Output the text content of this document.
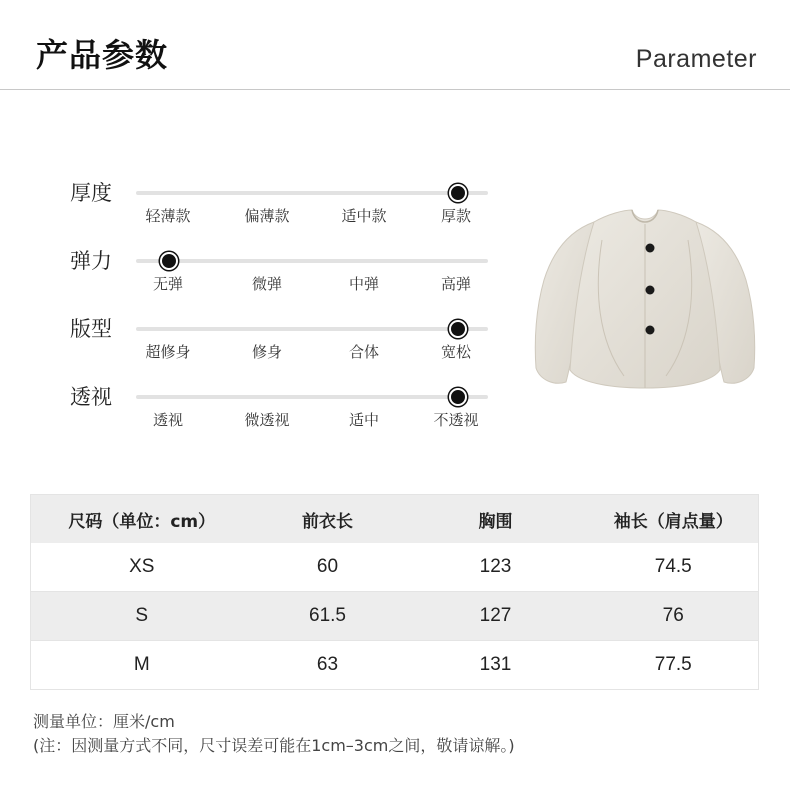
产品参数	Parameter
厚度
轻薄款	偏薄款	适中款	厚款
弹力
无弹	微弹	中弹	高弹
版型
超修身	修身	合体	宽松
透视
透视	微透视	适中	不透视
尺码（单位：cm）	前衣长	胸围	袖长（肩点量）
XS	60	123	74.5
S	61.5	127	76
M	63	131	77.5
测量单位：厘米/cm
(注：因测量方式不同，尺寸误差可能在1cm–3cm之间，敬请谅解。)
